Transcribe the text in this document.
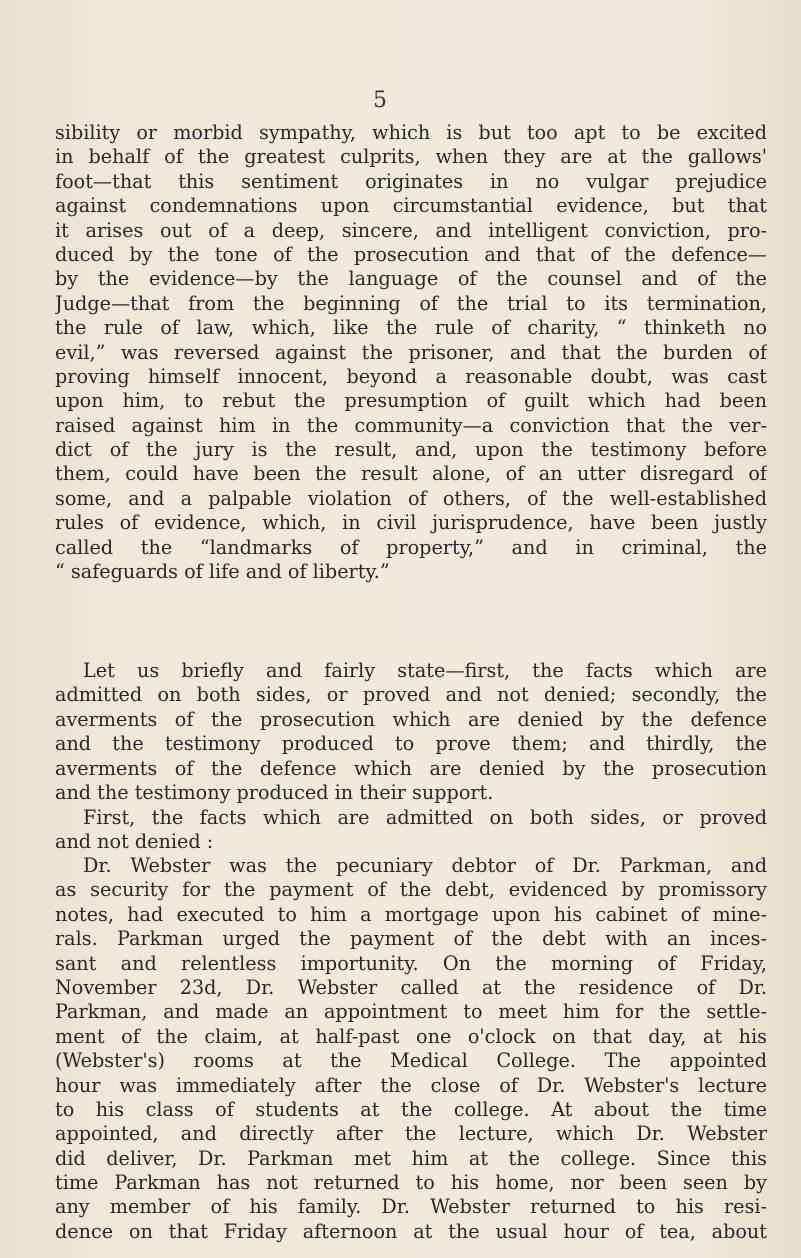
5
sibility or morbid sympathy, which is but too apt to be excited
in behalf of the greatest culprits, when they are at the gallows'
foot—that this sentiment originates in no vulgar prejudice
against condemnations upon circumstantial evidence, but that
it arises out of a deep, sincere, and intelligent conviction, pro-
duced by the tone of the prosecution and that of the defence—
by the evidence—by the language of the counsel and of the
Judge—that from the beginning of the trial to its termination,
the rule of law, which, like the rule of charity, “ thinketh no
evil,” was reversed against the prisoner, and that the burden of
proving himself innocent, beyond a reasonable doubt, was cast
upon him, to rebut the presumption of guilt which had been
raised against him in the community—a conviction that the ver-
dict of the jury is the result, and, upon the testimony before
them, could have been the result alone, of an utter disregard of
some, and a palpable violation of others, of the well-established
rules of evidence, which, in civil jurisprudence, have been justly
called the “landmarks of property,” and in criminal, the
“ safeguards of life and of liberty.”
Let us briefly and fairly state—first, the facts which are
admitted on both sides, or proved and not denied; secondly, the
averments of the prosecution which are denied by the defence
and the testimony produced to prove them; and thirdly, the
averments of the defence which are denied by the prosecution
and the testimony produced in their support.
First, the facts which are admitted on both sides, or proved
and not denied :
Dr. Webster was the pecuniary debtor of Dr. Parkman, and
as security for the payment of the debt, evidenced by promissory
notes, had executed to him a mortgage upon his cabinet of mine-
rals. Parkman urged the payment of the debt with an inces-
sant and relentless importunity. On the morning of Friday,
November 23d, Dr. Webster called at the residence of Dr.
Parkman, and made an appointment to meet him for the settle-
ment of the claim, at half-past one o'clock on that day, at his
(Webster's) rooms at the Medical College. The appointed
hour was immediately after the close of Dr. Webster's lecture
to his class of students at the college. At about the time
appointed, and directly after the lecture, which Dr. Webster
did deliver, Dr. Parkman met him at the college. Since this
time Parkman has not returned to his home, nor been seen by
any member of his family. Dr. Webster returned to his resi-
dence on that Friday afternoon at the usual hour of tea, about
